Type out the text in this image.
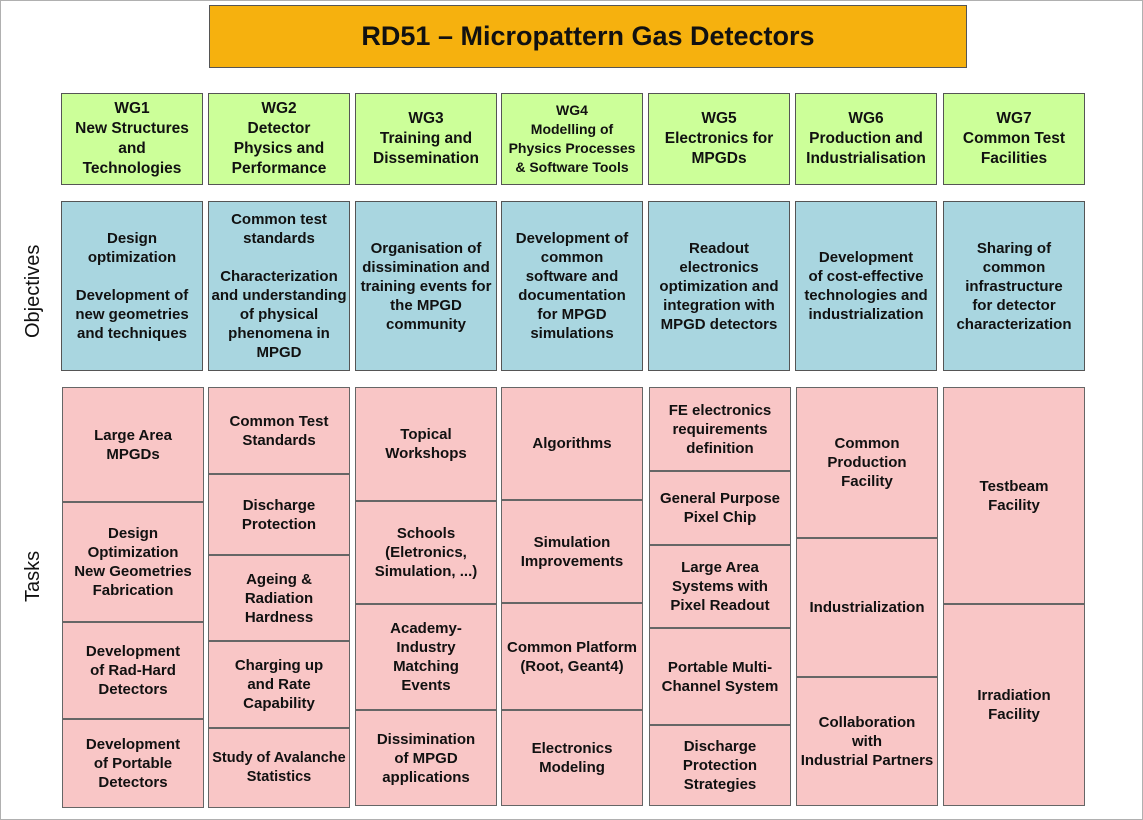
RD51 – Micropattern Gas Detectors
Objectives
Tasks
WG1
New Structures
and
Technologies
WG2
Detector
Physics and
Performance
WG3
Training and
Dissemination
WG4
Modelling of
Physics Processes
& Software Tools
WG5
Electronics for
MPGDs
WG6
Production and
Industrialisation
WG7
Common Test
Facilities
Design
optimization

Development of
new geometries
and techniques
Common test
standards

Characterization
and understanding
of physical
phenomena in
MPGD
Organisation of
dissimination and
training events for
the MPGD
community
Development of
common
software and
documentation
for MPGD
simulations
Readout
electronics
optimization and
integration with
MPGD detectors
Development
of cost-effective
technologies and
industrialization
Sharing of
common
infrastructure
for detector
characterization
Large Area
MPGDs
Design
Optimization
New Geometries
Fabrication
Development
of Rad-Hard
Detectors
Development
of Portable
Detectors
Common Test
Standards
Discharge
Protection
Ageing &
Radiation
Hardness
Charging up
and Rate
Capability
Study of Avalanche
Statistics
Topical
Workshops
Schools
(Eletronics,
Simulation, ...)
Academy-
Industry
Matching
Events
Dissimination
of MPGD
applications
Algorithms
Simulation
Improvements
Common Platform
(Root, Geant4)
Electronics
Modeling
FE electronics
requirements
definition
General Purpose
Pixel Chip
Large Area
Systems with
Pixel Readout
Portable Multi-
Channel System
Discharge
Protection
Strategies
Common
Production
Facility
Industrialization
Collaboration
with
Industrial Partners
Testbeam
Facility
Irradiation
Facility
